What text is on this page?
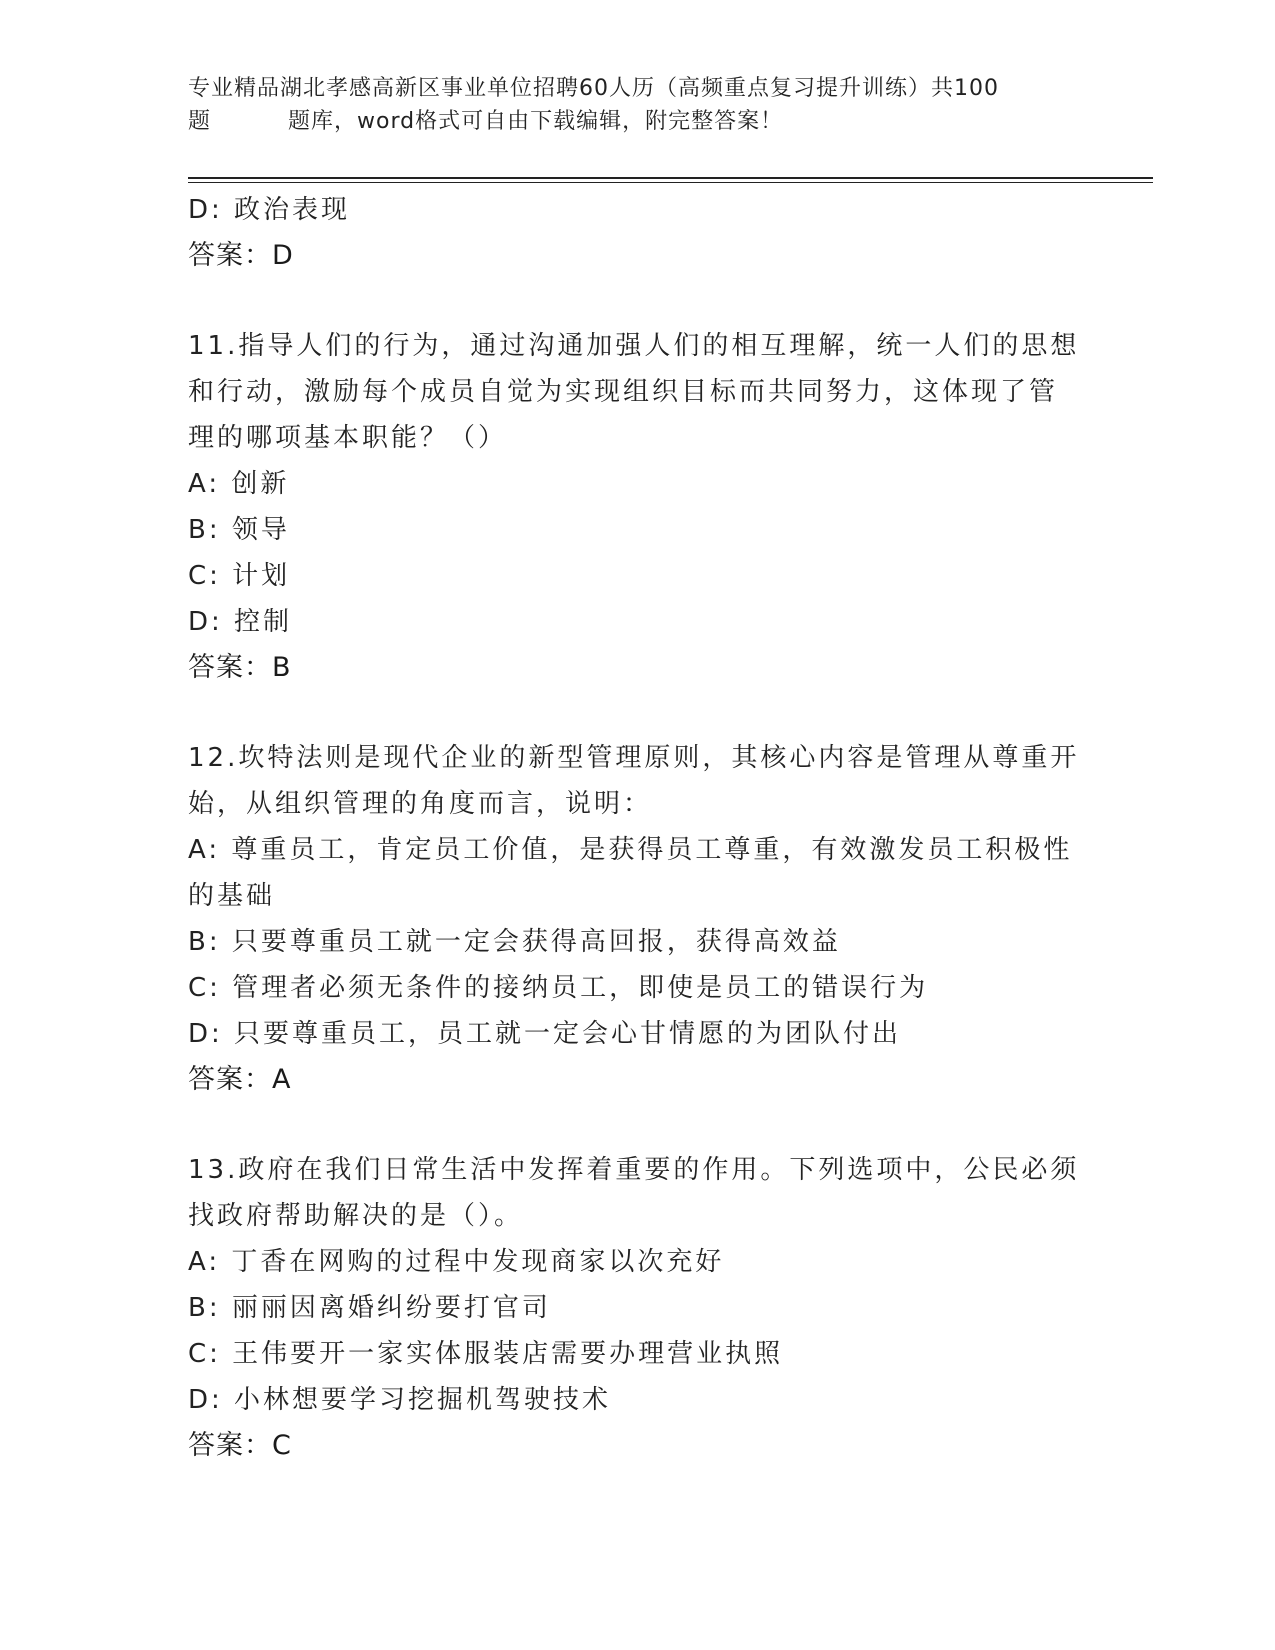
专业精品湖北孝感高新区事业单位招聘60人历（高频重点复习提升训练）共100
题	题库，word格式可自由下载编辑，附完整答案！
D: 政治表现
答案：D
11.指导人们的行为，通过沟通加强人们的相互理解，统一人们的思想
和行动，激励每个成员自觉为实现组织目标而共同努力，这体现了管
理的哪项基本职能？（）
A: 创新
B: 领导
C: 计划
D: 控制
答案：B
12.坎特法则是现代企业的新型管理原则，其核心内容是管理从尊重开
始，从组织管理的角度而言，说明：
A: 尊重员工，肯定员工价值，是获得员工尊重，有效激发员工积极性
的基础
B: 只要尊重员工就一定会获得高回报，获得高效益
C: 管理者必须无条件的接纳员工，即使是员工的错误行为
D: 只要尊重员工，员工就一定会心甘情愿的为团队付出
答案：A
13.政府在我们日常生活中发挥着重要的作用。下列选项中，公民必须
找政府帮助解决的是（）。
A: 丁香在网购的过程中发现商家以次充好
B: 丽丽因离婚纠纷要打官司
C: 王伟要开一家实体服装店需要办理营业执照
D: 小林想要学习挖掘机驾驶技术
答案：C
